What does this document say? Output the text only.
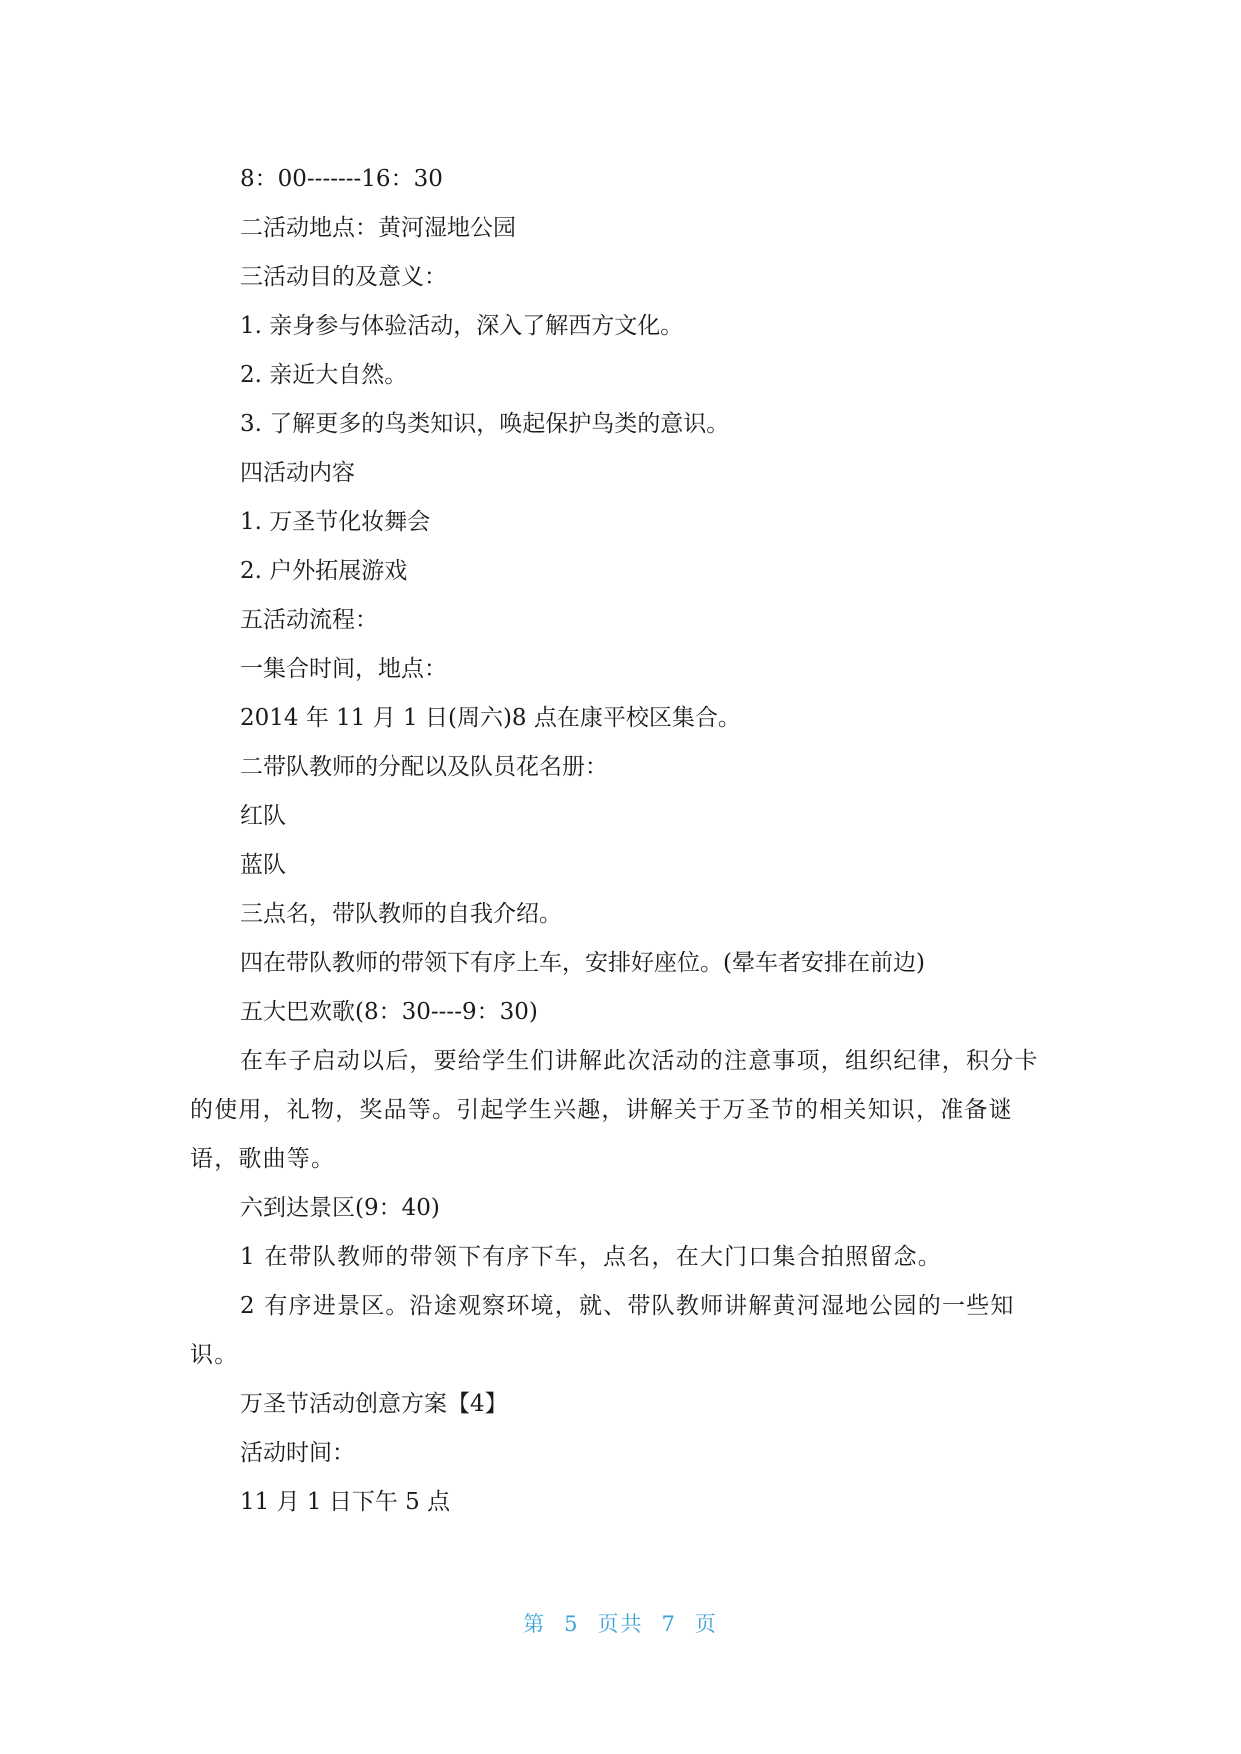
8：00-------16：30
二活动地点：黄河湿地公园
三活动目的及意义：
1. 亲身参与体验活动，深入了解西方文化。
2. 亲近大自然。
3. 了解更多的鸟类知识，唤起保护鸟类的意识。
四活动内容
1. 万圣节化妆舞会
2. 户外拓展游戏
五活动流程：
一集合时间，地点：
2014 年 11 月 1 日(周六)8 点在康平校区集合。
二带队教师的分配以及队员花名册：
红队
蓝队
三点名，带队教师的自我介绍。
四在带队教师的带领下有序上车，安排好座位。(晕车者安排在前边)
五大巴欢歌(8：30----9：30)
在车子启动以后，要给学生们讲解此次活动的注意事项，组织纪律，积分卡的使用，礼物，奖品等。引起学生兴趣，讲解关于万圣节的相关知识，准备谜语，歌曲等。
六到达景区(9：40)
1 在带队教师的带领下有序下车，点名，在大门口集合拍照留念。
2 有序进景区。沿途观察环境，就、带队教师讲解黄河湿地公园的一些知识。
万圣节活动创意方案【4】
活动时间：
11 月 1 日下午 5 点
第 5 页共 7 页
